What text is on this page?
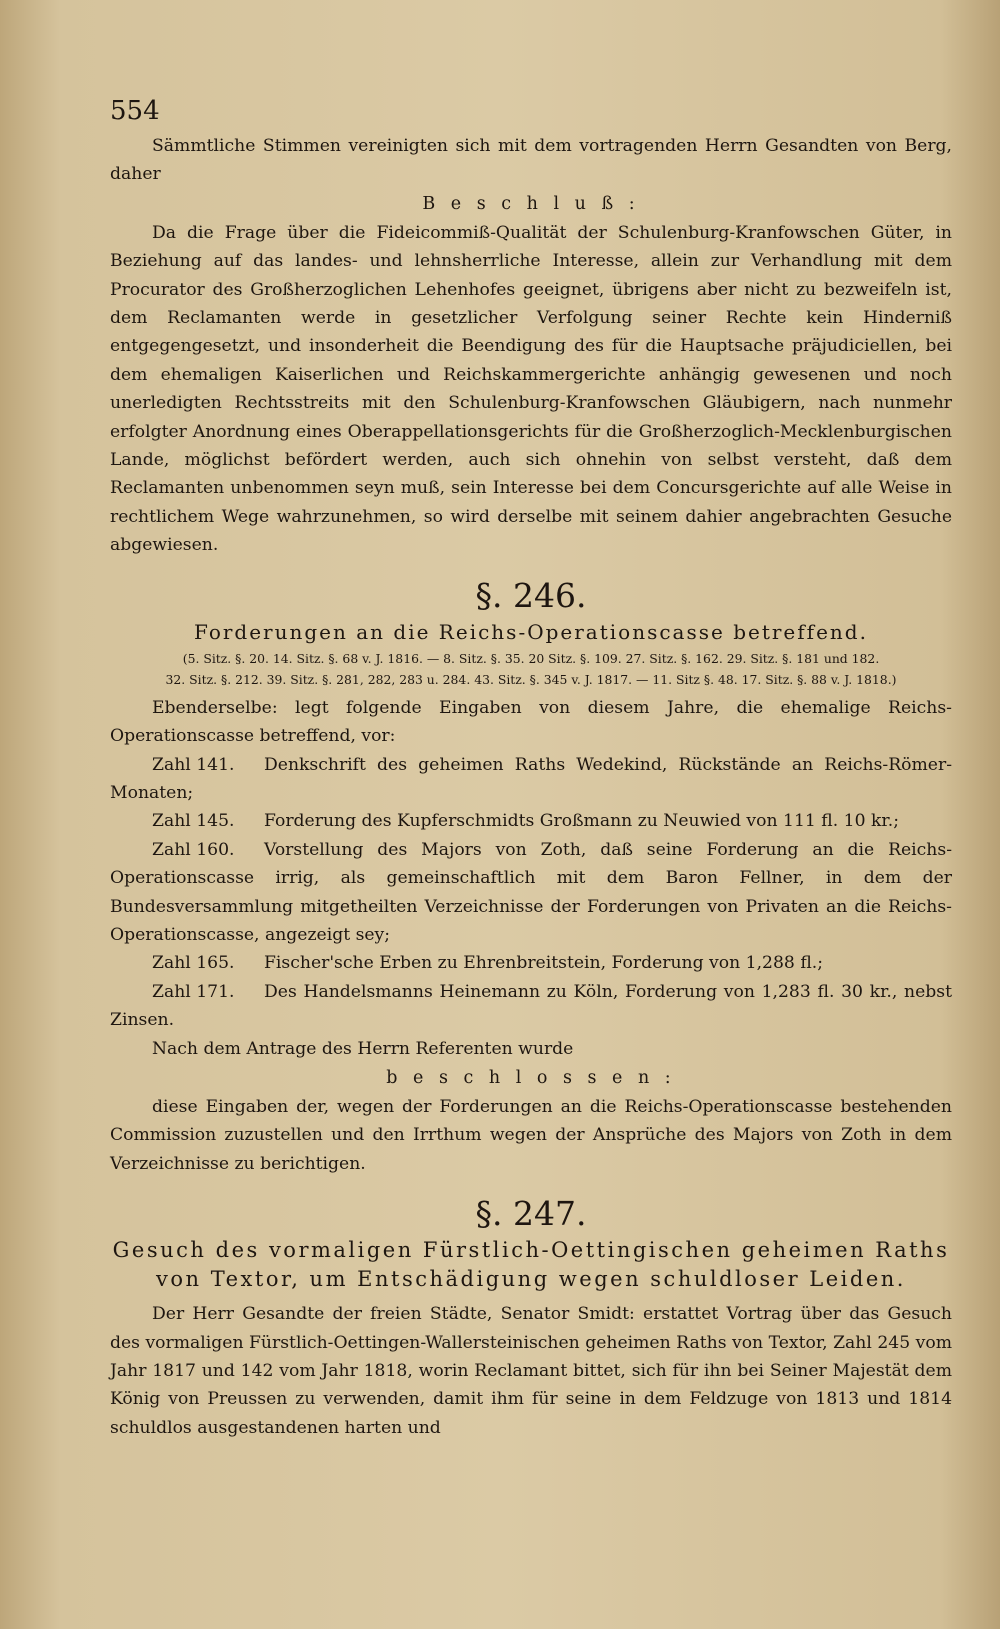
554

Sämmtliche Stimmen vereinigten sich mit dem vortragenden Herrn Gesandten von Berg, daher

B e s c h l u ß :

Da die Frage über die Fideicommiß-Qualität der Schulenburg-Kranfowschen Güter, in Beziehung auf das landes- und lehnsherrliche Interesse, allein zur Verhandlung mit dem Procurator des Großherzoglichen Lehenhofes geeignet, übrigens aber nicht zu bezweifeln ist, dem Reclamanten werde in gesetzlicher Verfolgung seiner Rechte kein Hinderniß entgegengesetzt, und insonderheit die Beendigung des für die Hauptsache präjudiciellen, bei dem ehemaligen Kaiserlichen und Reichskammergerichte anhängig gewesenen und noch unerledigten Rechtsstreits mit den Schulenburg-Kranfowschen Gläubigern, nach nunmehr erfolgter Anordnung eines Oberappellationsgerichts für die Großherzoglich-Mecklenburgischen Lande, möglichst befördert werden, auch sich ohnehin von selbst versteht, daß dem Reclamanten unbenommen seyn muß, sein Interesse bei dem Concursgerichte auf alle Weise in rechtlichem Wege wahrzunehmen, so wird derselbe mit seinem dahier angebrachten Gesuche abgewiesen.

§. 246.
Forderungen an die Reichs-Operationscasse betreffend.
(5. Sitz. §. 20. 14. Sitz. §. 68 v. J. 1816. — 8. Sitz. §. 35. 20 Sitz. §. 109. 27. Sitz. §. 162. 29. Sitz. §. 181 und 182.
32. Sitz. §. 212. 39. Sitz. §. 281, 282, 283 u. 284. 43. Sitz. §. 345 v. J. 1817. — 11. Sitz §. 48. 17. Sitz. §. 88 v. J. 1818.)

Ebenderselbe: legt folgende Eingaben von diesem Jahre, die ehemalige Reichs-Operationscasse betreffend, vor:

Zahl 141. Denkschrift des geheimen Raths Wedekind, Rückstände an Reichs-Römer-Monaten;

Zahl 145. Forderung des Kupferschmidts Großmann zu Neuwied von 111 fl. 10 kr.;

Zahl 160. Vorstellung des Majors von Zoth, daß seine Forderung an die Reichs-Operationscasse irrig, als gemeinschaftlich mit dem Baron Fellner, in dem der Bundesversammlung mitgetheilten Verzeichnisse der Forderungen von Privaten an die Reichs-Operationscasse, angezeigt sey;

Zahl 165. Fischer'sche Erben zu Ehrenbreitstein, Forderung von 1,288 fl.;

Zahl 171. Des Handelsmanns Heinemann zu Köln, Forderung von 1,283 fl. 30 kr., nebst Zinsen.

Nach dem Antrage des Herrn Referenten wurde

b e s c h l o s s e n :

diese Eingaben der, wegen der Forderungen an die Reichs-Operationscasse bestehenden Commission zuzustellen und den Irrthum wegen der Ansprüche des Majors von Zoth in dem Verzeichnisse zu berichtigen.

§. 247.
Gesuch des vormaligen Fürstlich-Oettingischen geheimen Raths von Textor, um Entschädigung wegen schuldloser Leiden.

Der Herr Gesandte der freien Städte, Senator Smidt: erstattet Vortrag über das Gesuch des vormaligen Fürstlich-Oettingen-Wallersteinischen geheimen Raths von Textor, Zahl 245 vom Jahr 1817 und 142 vom Jahr 1818, worin Reclamant bittet, sich für ihn bei Seiner Majestät dem König von Preussen zu verwenden, damit ihm für seine in dem Feldzuge von 1813 und 1814 schuldlos ausgestandenen harten und
